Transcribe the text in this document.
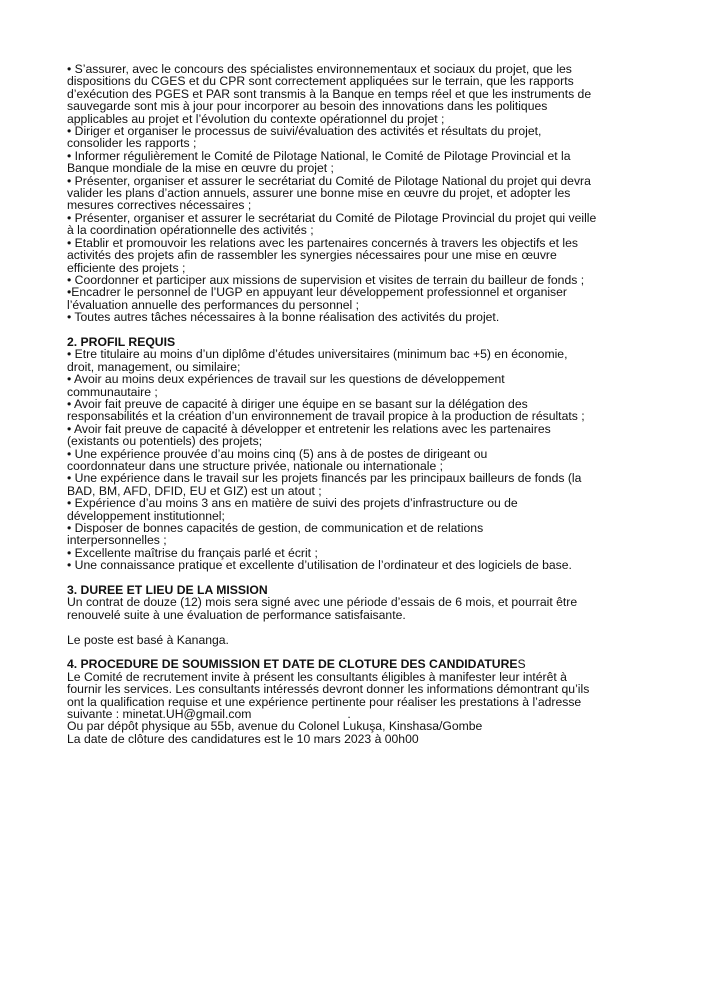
• S’assurer, avec le concours des spécialistes environnementaux et sociaux du projet, que les
dispositions du CGES et du CPR sont correctement appliquées sur le terrain, que les rapports
d’exécution des PGES et PAR sont transmis à la Banque en temps réel et que les instruments de
sauvegarde sont mis à jour pour incorporer au besoin des innovations dans les politiques
applicables au projet et l’évolution du contexte opérationnel du projet ;
• Diriger et organiser le processus de suivi/évaluation des activités et résultats du projet,
consolider les rapports ;
• Informer régulièrement le Comité de Pilotage National, le Comité de Pilotage Provincial et la
Banque mondiale de la mise en œuvre du projet ;
• Présenter, organiser et assurer le secrétariat du Comité de Pilotage National du projet qui devra
valider les plans d’action annuels, assurer une bonne mise en œuvre du projet, et adopter les
mesures correctives nécessaires ;
• Présenter, organiser et assurer le secrétariat du Comité de Pilotage Provincial du projet qui veille
à la coordination opérationnelle des activités ;
• Etablir et promouvoir les relations avec les partenaires concernés à travers les objectifs et les
activités des projets afin de rassembler les synergies nécessaires pour une mise en œuvre
efficiente des projets ;
• Coordonner et participer aux missions de supervision et visites de terrain du bailleur de fonds ;
•Encadrer le personnel de l’UGP en appuyant leur développement professionnel et organiser
l’évaluation annuelle des performances du personnel ;
• Toutes autres tâches nécessaires à la bonne réalisation des activités du projet.
2. PROFIL REQUIS
• Etre titulaire au moins d’un diplôme d’études universitaires (minimum bac +5) en économie,
droit, management, ou similaire;
• Avoir au moins deux expériences de travail sur les questions de développement
communautaire ;
• Avoir fait preuve de capacité à diriger une équipe en se basant sur la délégation des
responsabilités et la création d’un environnement de travail propice à la production de résultats ;
• Avoir fait preuve de capacité à développer et entretenir les relations avec les partenaires
(existants ou potentiels) des projets;
• Une expérience prouvée d’au moins cinq (5) ans à de postes de dirigeant ou
coordonnateur dans une structure privée, nationale ou internationale ;
• Une expérience dans le travail sur les projets financés par les principaux bailleurs de fonds (la
BAD, BM, AFD, DFID, EU et GIZ) est un atout ;
• Expérience d’au moins 3 ans en matière de suivi des projets d’infrastructure ou de
développement institutionnel;
• Disposer de bonnes capacités de gestion, de communication et de relations
interpersonnelles ;
• Excellente maîtrise du français parlé et écrit ;
• Une connaissance pratique et excellente d’utilisation de l’ordinateur et des logiciels de base.
3. DUREE ET LIEU DE LA MISSION
Un contrat de douze (12) mois sera signé avec une période d’essais de 6 mois, et pourrait être
renouvelé suite à une évaluation de performance satisfaisante.
Le poste est basé à Kananga.
4. PROCEDURE DE SOUMISSION ET DATE DE CLOTURE DES CANDIDATURES
Le Comité de recrutement invite à présent les consultants éligibles à manifester leur intérêt à
fournir les services. Les consultants intéressés devront donner les informations démontrant qu’ils
ont la qualification requise et une expérience pertinente pour réaliser les prestations à l’adresse
suivante : minetat.UH@gmail.com	.
Ou par dépôt physique au 55b, avenue du Colonel Lukuşa, Kinshasa/Gombe
La date de clôture des candidatures est le 10 mars 2023 à 00h00
